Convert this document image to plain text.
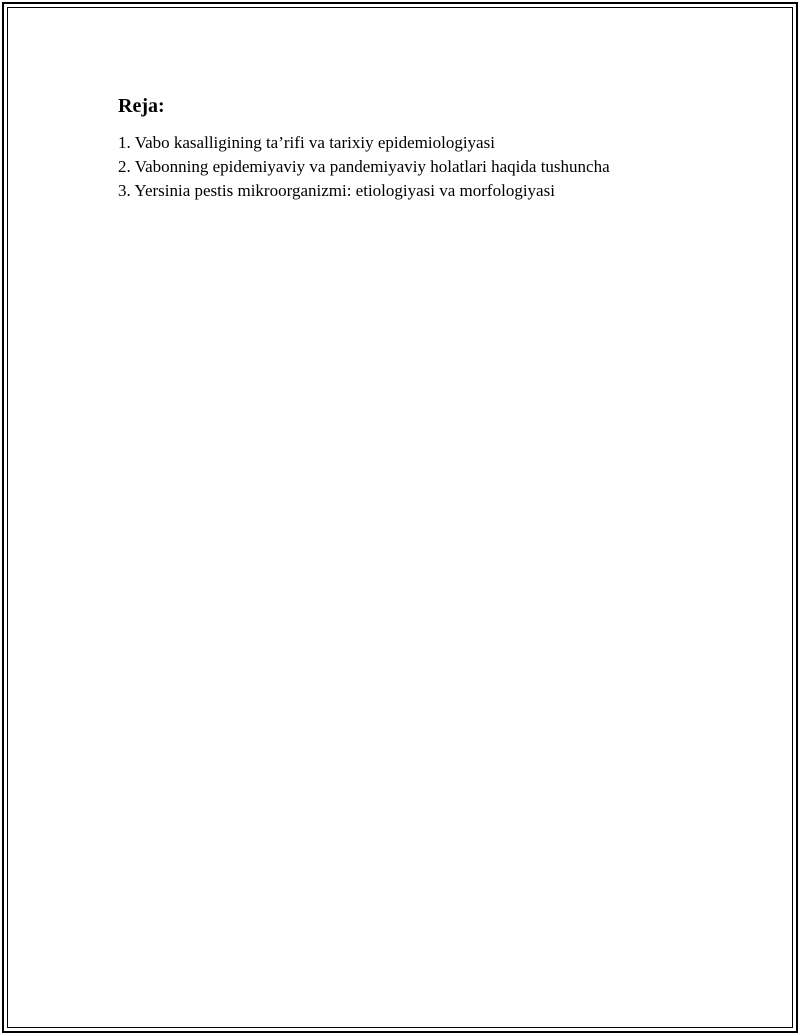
Reja:
1. Vabo kasalligining ta’rifi va tarixiy epidemiologiyasi
2. Vabonning epidemiyaviy va pandemiyaviy holatlari haqida tushuncha
3. Yersinia pestis mikroorganizmi: etiologiyasi va morfologiyasi
